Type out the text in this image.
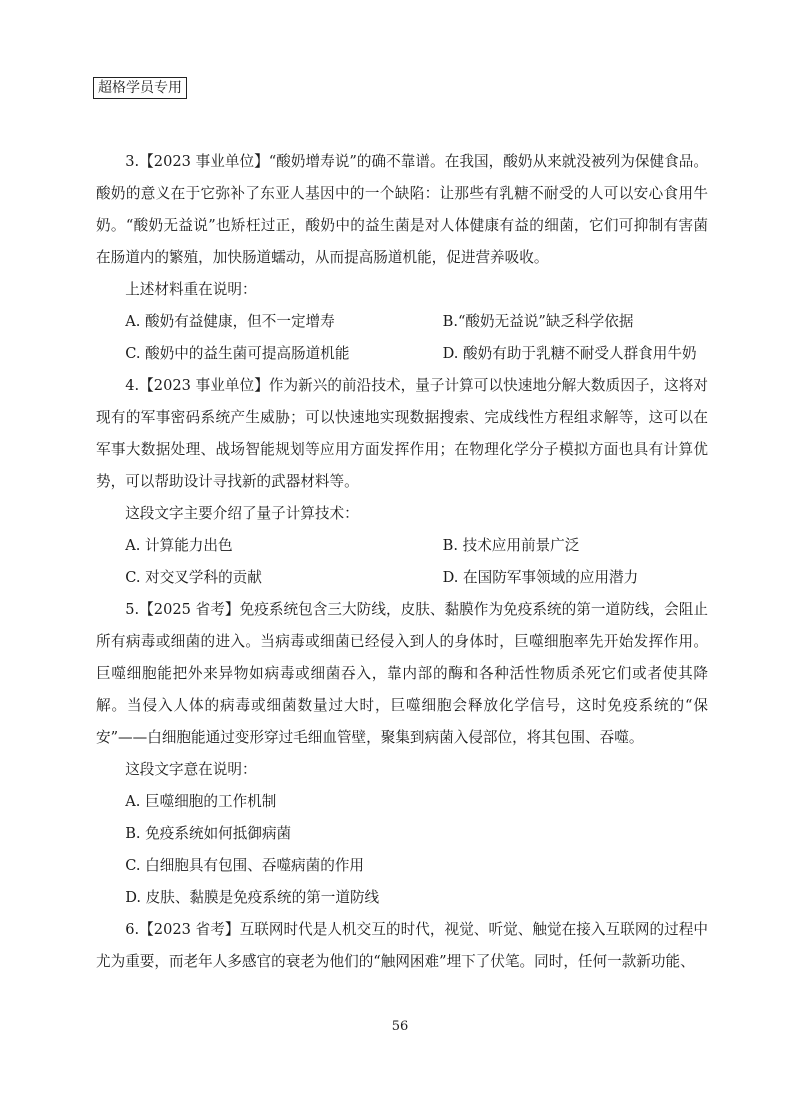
超格学员专用

3.【2023 事业单位】“酸奶增寿说”的确不靠谱。在我国，酸奶从来就没被列为保健食品。酸奶的意义在于它弥补了东亚人基因中的一个缺陷：让那些有乳糖不耐受的人可以安心食用牛奶。“酸奶无益说”也矫枉过正，酸奶中的益生菌是对人体健康有益的细菌，它们可抑制有害菌在肠道内的繁殖，加快肠道蠕动，从而提高肠道机能，促进营养吸收。

上述材料重在说明：

A. 酸奶有益健康，但不一定增寿	B.“酸奶无益说”缺乏科学依据
C. 酸奶中的益生菌可提高肠道机能	D. 酸奶有助于乳糖不耐受人群食用牛奶

4.【2023 事业单位】作为新兴的前沿技术，量子计算可以快速地分解大数质因子，这将对现有的军事密码系统产生威胁；可以快速地实现数据搜索、完成线性方程组求解等，这可以在军事大数据处理、战场智能规划等应用方面发挥作用；在物理化学分子模拟方面也具有计算优势，可以帮助设计寻找新的武器材料等。

这段文字主要介绍了量子计算技术：

A. 计算能力出色	B. 技术应用前景广泛
C. 对交叉学科的贡献	D. 在国防军事领域的应用潜力

5.【2025 省考】免疫系统包含三大防线，皮肤、黏膜作为免疫系统的第一道防线，会阻止所有病毒或细菌的进入。当病毒或细菌已经侵入到人的身体时，巨噬细胞率先开始发挥作用。巨噬细胞能把外来异物如病毒或细菌吞入，靠内部的酶和各种活性物质杀死它们或者使其降解。当侵入人体的病毒或细菌数量过大时，巨噬细胞会释放化学信号，这时免疫系统的“保安”——白细胞能通过变形穿过毛细血管壁，聚集到病菌入侵部位，将其包围、吞噬。

这段文字意在说明：

A. 巨噬细胞的工作机制
B. 免疫系统如何抵御病菌
C. 白细胞具有包围、吞噬病菌的作用
D. 皮肤、黏膜是免疫系统的第一道防线

6.【2023 省考】互联网时代是人机交互的时代，视觉、听觉、触觉在接入互联网的过程中尤为重要，而老年人多感官的衰老为他们的“触网困难”埋下了伏笔。同时，任何一款新功能、

56
